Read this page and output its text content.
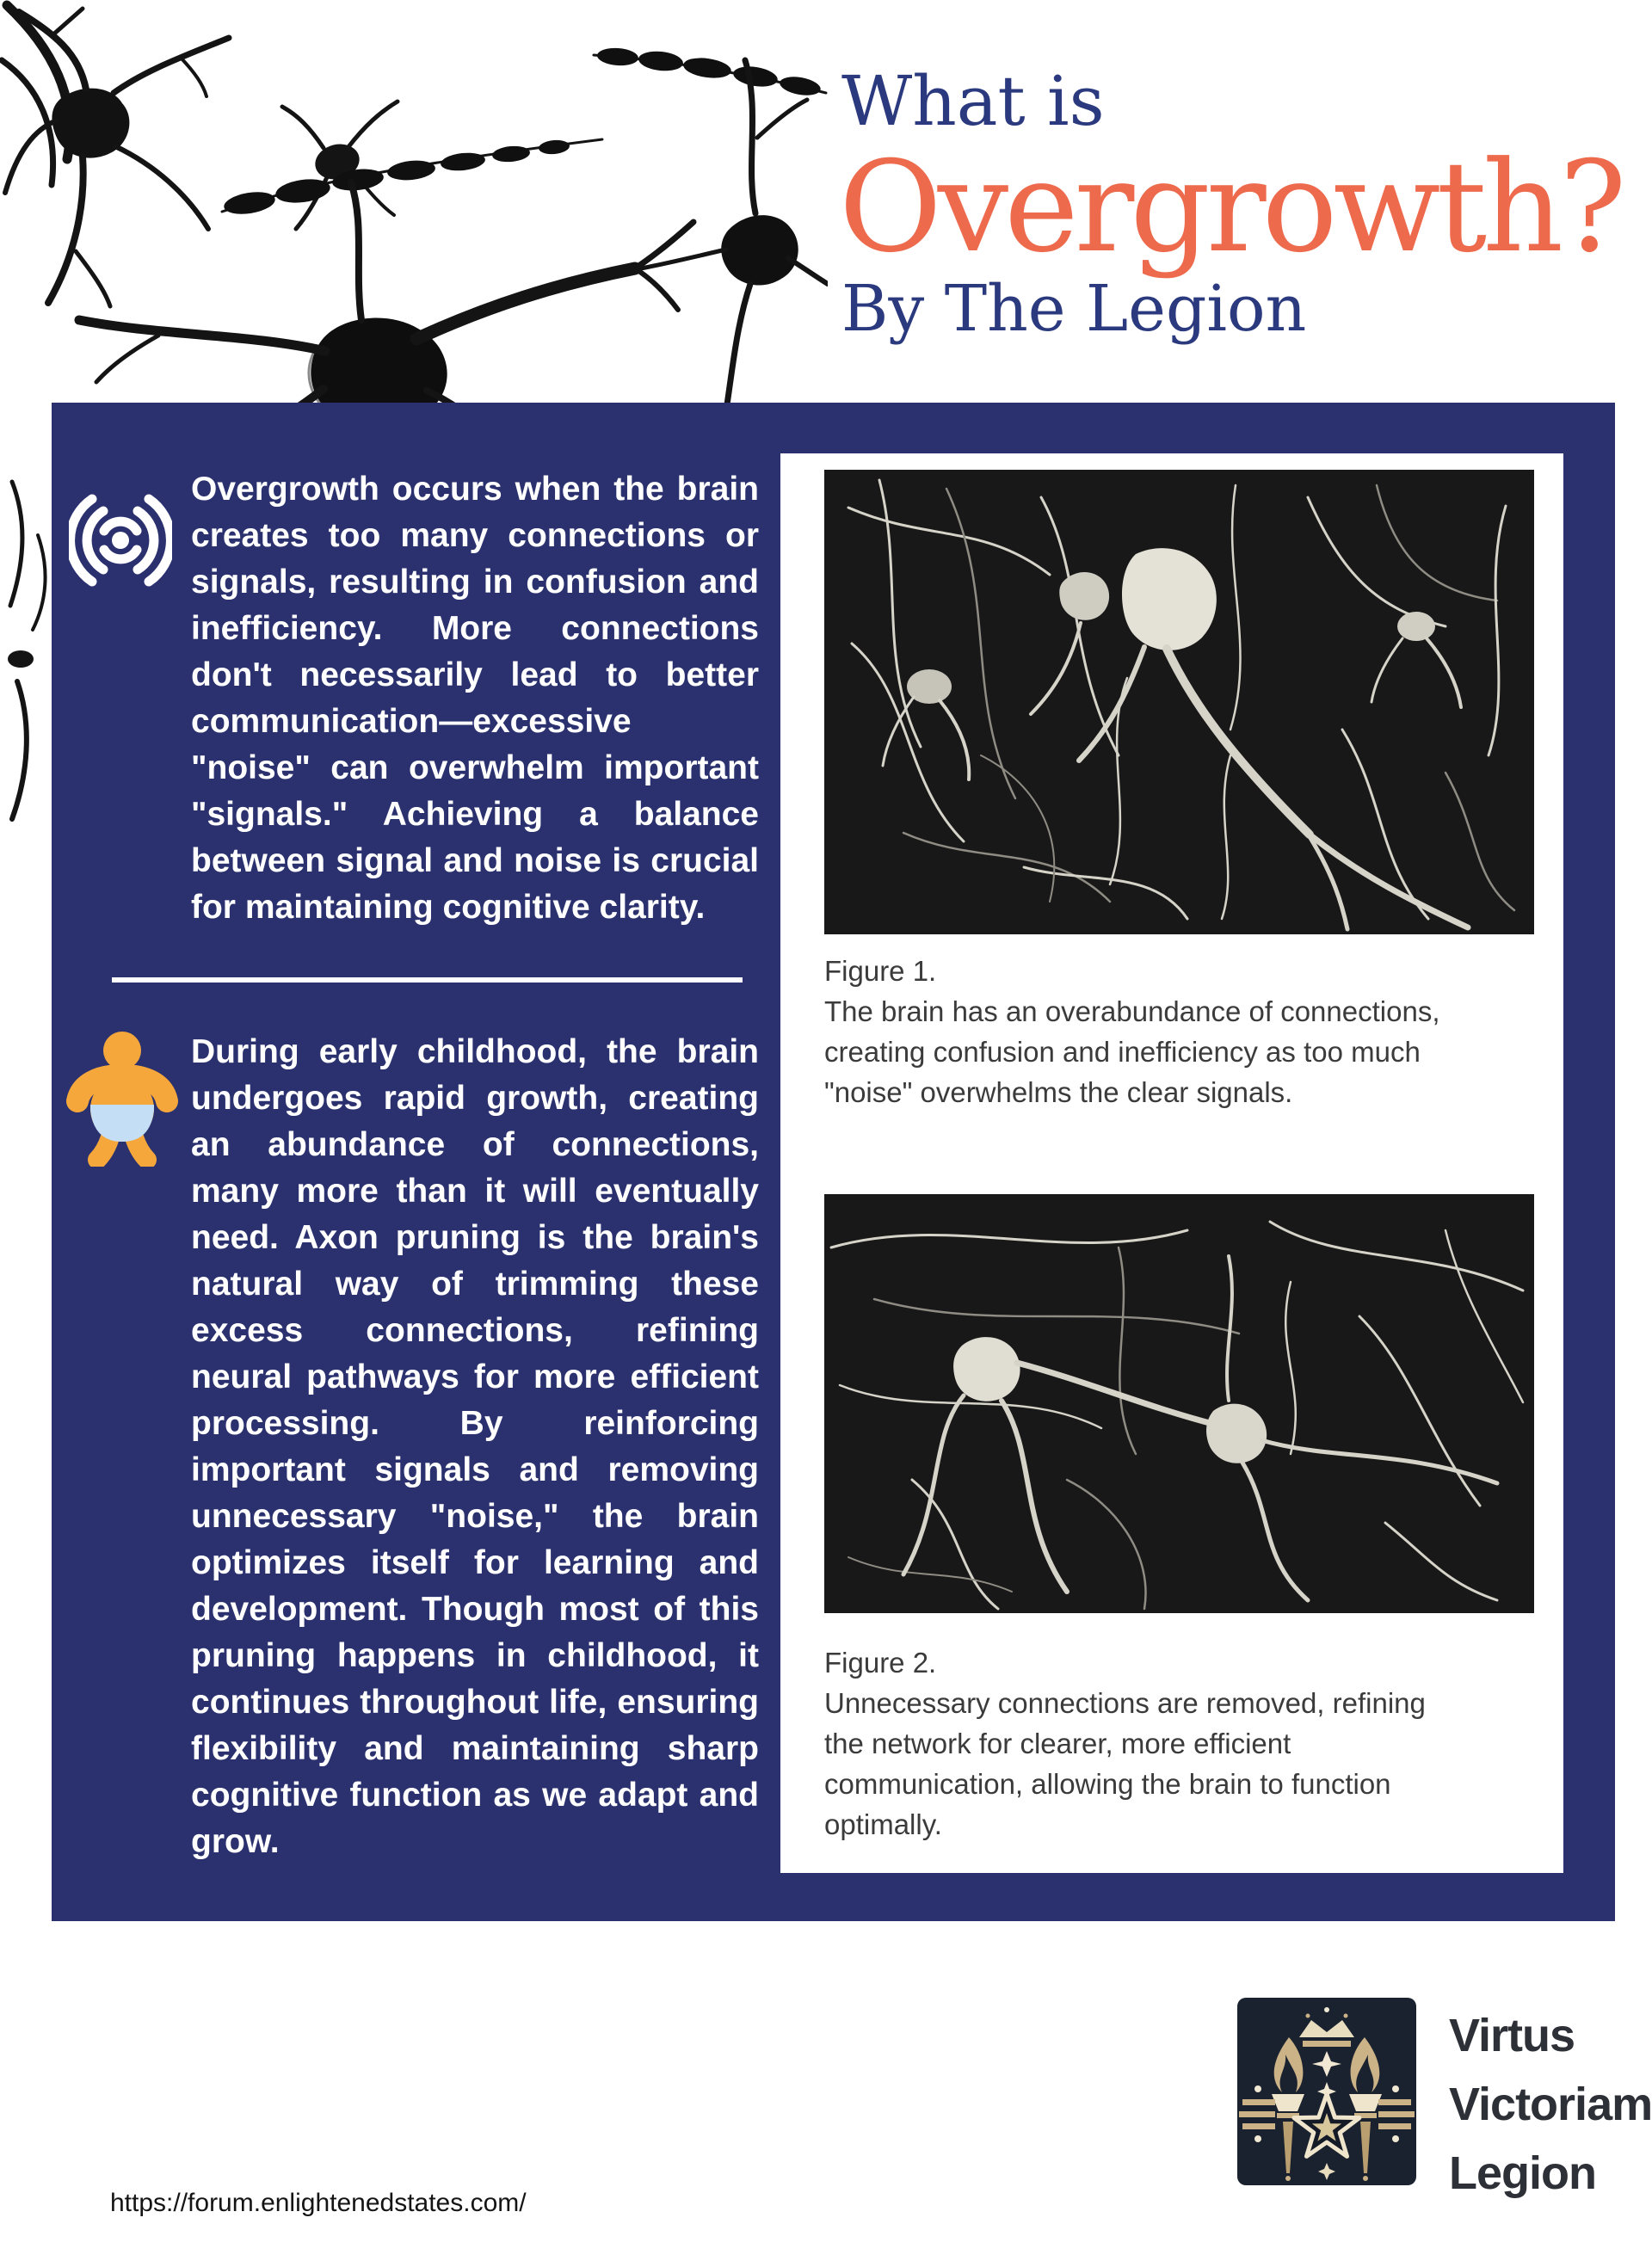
What is
Overgrowth?
By The Legion

Overgrowth occurs when the brain creates too many connections or signals, resulting in confusion and inefficiency. More connections don't necessarily lead to better communication—excessive "noise" can overwhelm important "signals." Achieving a balance between signal and noise is crucial for maintaining cognitive clarity.

During early childhood, the brain undergoes rapid growth, creating an abundance of connections, many more than it will eventually need. Axon pruning is the brain's natural way of trimming these excess connections, refining neural pathways for more efficient processing. By reinforcing important signals and removing unnecessary "noise," the brain optimizes itself for learning and development. Though most of this pruning happens in childhood, it continues throughout life, ensuring flexibility and maintaining sharp cognitive function as we adapt and grow.

Figure 1.
The brain has an overabundance of connections, creating confusion and inefficiency as too much "noise" overwhelms the clear signals.
Figure 2.
Unnecessary connections are removed, refining the network for clearer, more efficient communication, allowing the brain to function optimally.
Virtus
Victoriam
Legion
https://forum.enlightenedstates.com/
